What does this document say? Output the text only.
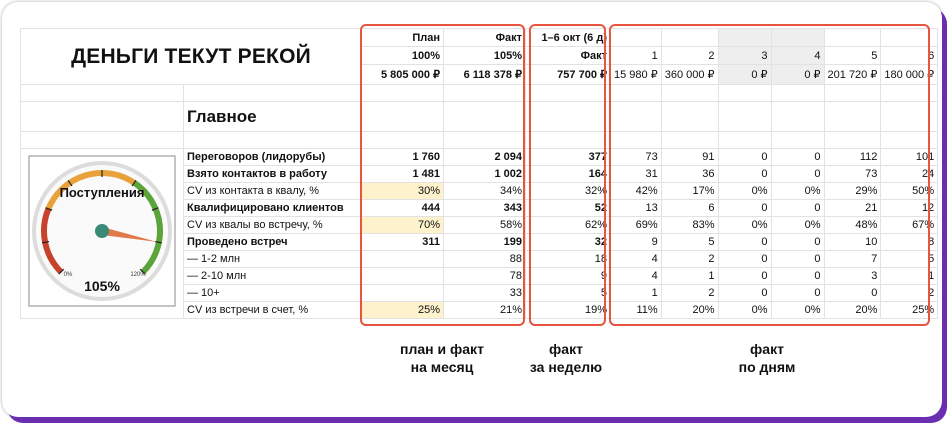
ДЕНЬГИ ТЕКУТ РЕКОЙ		План	Факт	1–6 окт (6 д)						
		100%	105%	Факт	1	2	3	4	5	6
		5 805 000 ₽	6 118 378 ₽	757 700 ₽	15 980 ₽	360 000 ₽	0 ₽	0 ₽	201 720 ₽	180 000 ₽

	Главное									

Поступления
0% 120%
105%	Переговоров (лидорубы)	1 760	2 094	377	73	91	0	0	112	101
	Взято контактов в работу	1 481	1 002	164	31	36	0	0	73	24
	CV из контакта в квалу, %	30%	34%	32%	42%	17%	0%	0%	29%	50%
	Квалифицировано клиентов	444	343	52	13	6	0	0	21	12
	CV из квалы во встречу, %	70%	58%	62%	69%	83%	0%	0%	48%	67%
	Проведено встреч	311	199	32	9	5	0	0	10	8
	— 1-2 млн		88	18	4	2	0	0	7	5
	— 2-10 млн		78	9	4	1	0	0	3	1
	— 10+		33	5	1	2	0	0	0	2
	CV из встречи в счет, %	25%	21%	19%	11%	20%	0%	0%	20%	25%
план и факт
на месяц
факт
за неделю
факт
по дням
